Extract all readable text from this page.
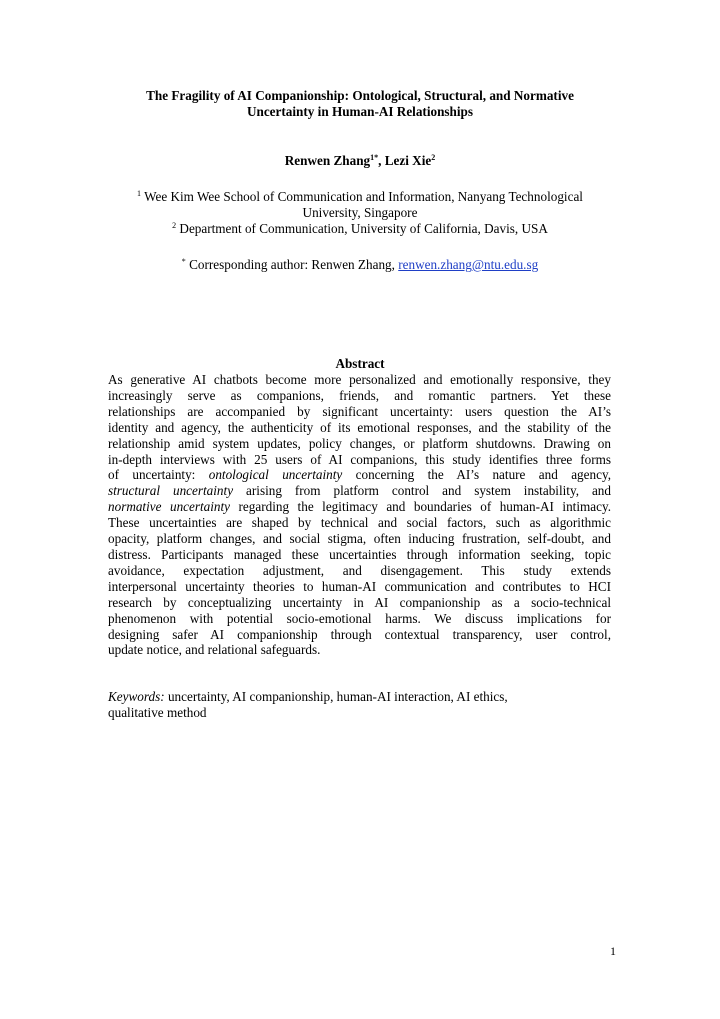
The Fragility of AI Companionship: Ontological, Structural, and Normative
Uncertainty in Human-AI Relationships
Renwen Zhang$^{1*}$, Lezi Xie$^2$
$^1$ Wee Kim Wee School of Communication and Information, Nanyang Technological
University, Singapore
$^2$ Department of Communication, University of California, Davis, USA
* Corresponding author: Renwen Zhang, renwen.zhang@ntu.edu.sg
Abstract
As generative AI chatbots become more personalized and emotionally responsive, they
increasingly serve as companions, friends, and romantic partners. Yet these
relationships are accompanied by significant uncertainty: users question the AI’s
identity and agency, the authenticity of its emotional responses, and the stability of the
relationship amid system updates, policy changes, or platform shutdowns. Drawing on
in-depth interviews with 25 users of AI companions, this study identifies three forms
of uncertainty: ontological uncertainty concerning the AI’s nature and agency,
structural uncertainty arising from platform control and system instability, and
normative uncertainty regarding the legitimacy and boundaries of human-AI intimacy.
These uncertainties are shaped by technical and social factors, such as algorithmic
opacity, platform changes, and social stigma, often inducing frustration, self-doubt, and
distress. Participants managed these uncertainties through information seeking, topic
avoidance, expectation adjustment, and disengagement. This study extends
interpersonal uncertainty theories to human-AI communication and contributes to HCI
research by conceptualizing uncertainty in AI companionship as a socio-technical
phenomenon with potential socio-emotional harms. We discuss implications for
designing safer AI companionship through contextual transparency, user control,
update notice, and relational safeguards.
Keywords: uncertainty, AI companionship, human-AI interaction, AI ethics,
qualitative method
1
